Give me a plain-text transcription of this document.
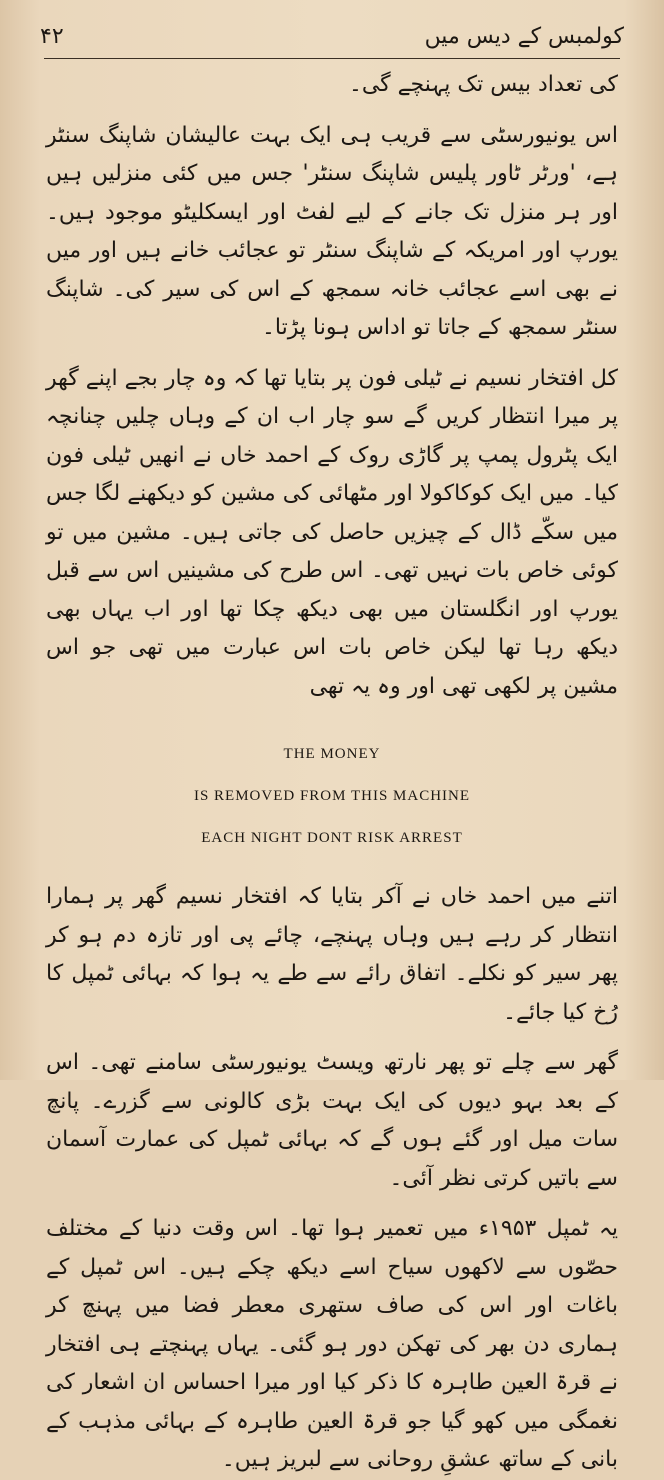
۴۲	کولمبس کے دیس میں

کی تعداد بیس تک پہنچے گی۔

اس یونیورسٹی سے قریب ہی ایک بہت عالیشان شاپنگ سنٹر ہے، 'ورٹر ٹاور پلیس شاپنگ سنٹر' جس میں کئی منزلیں ہیں اور ہر منزل تک جانے کے لیے لفٹ اور ایسکلیٹو موجود ہیں۔ یورپ اور امریکہ کے شاپنگ سنٹر تو عجائب خانے ہیں اور میں نے بھی اسے عجائب خانہ سمجھ کے اس کی سیر کی۔ شاپنگ سنٹر سمجھ کے جاتا تو اداس ہونا پڑتا۔

کل افتخار نسیم نے ٹیلی فون پر بتایا تھا کہ وہ چار بجے اپنے گھر پر میرا انتظار کریں گے سو چار اب ان کے وہاں چلیں چنانچہ ایک پٹرول پمپ پر گاڑی روک کے احمد خاں نے انھیں ٹیلی فون کیا۔ میں ایک کوکاکولا اور مٹھائی کی مشین کو دیکھنے لگا جس میں سکّے ڈال کے چیزیں حاصل کی جاتی ہیں۔ مشین میں تو کوئی خاص بات نہیں تھی۔ اس طرح کی مشینیں اس سے قبل یورپ اور انگلستان میں بھی دیکھ چکا تھا اور اب یہاں بھی دیکھ رہا تھا لیکن خاص بات اس عبارت میں تھی جو اس مشین پر لکھی تھی اور وہ یہ تھی

THE MONEY

IS REMOVED FROM THIS MACHINE

EACH NIGHT DONT RISK ARREST

اتنے میں احمد خاں نے آکر بتایا کہ افتخار نسیم گھر پر ہمارا انتظار کر رہے ہیں وہاں پہنچے، چائے پی اور تازہ دم ہو کر پھر سیر کو نکلے۔ اتفاق رائے سے طے یہ ہوا کہ بہائی ٹمپل کا رُخ کیا جائے۔

گھر سے چلے تو پھر نارتھ ویسٹ یونیورسٹی سامنے تھی۔ اس کے بعد بہو دیوں کی ایک بہت بڑی کالونی سے گزرے۔ پانچ سات میل اور گئے ہوں گے کہ بہائی ٹمپل کی عمارت آسمان سے باتیں کرتی نظر آئی۔

یہ ٹمپل ۱۹۵۳ء میں تعمیر ہوا تھا۔ اس وقت دنیا کے مختلف حصّوں سے لاکھوں سیاح اسے دیکھ چکے ہیں۔ اس ٹمپل کے باغات اور اس کی صاف ستھری معطر فضا میں پہنچ کر ہماری دن بھر کی تھکن دور ہو گئی۔ یہاں پہنچتے ہی افتخار نے قرۃ العین طاہرہ کا ذکر کیا اور میرا احساس ان اشعار کی نغمگی میں کھو گیا جو قرۃ العین طاہرہ کے بہائی مذہب کے بانی کے ساتھ عشقِ روحانی سے لبریز ہیں۔
